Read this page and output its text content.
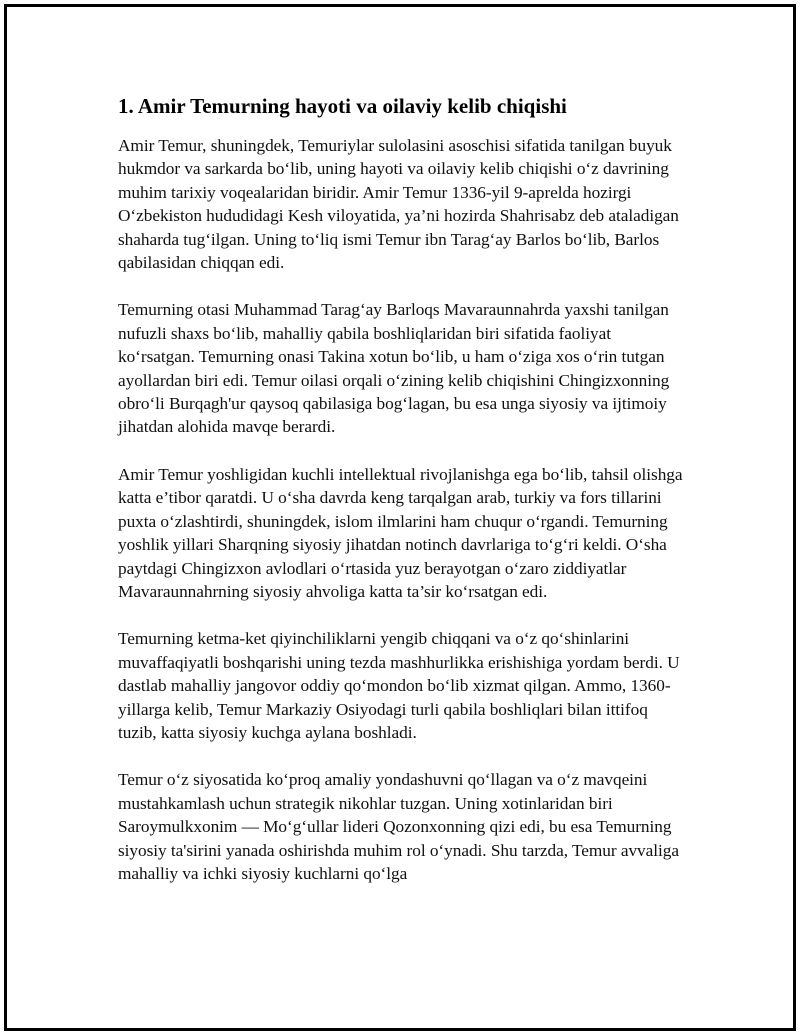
1. Amir Temurning hayoti va oilaviy kelib chiqishi

Amir Temur, shuningdek, Temuriylar sulolasini asoschisi sifatida tanilgan buyuk hukmdor va sarkarda bo‘lib, uning hayoti va oilaviy kelib chiqishi o‘z davrining muhim tarixiy voqealaridan biridir. Amir Temur 1336-yil 9-aprelda hozirgi O‘zbekiston hududidagi Kesh viloyatida, ya’ni hozirda Shahrisabz deb ataladigan shaharda tug‘ilgan. Uning to‘liq ismi Temur ibn Tarag‘ay Barlos bo‘lib, Barlos qabilasidan chiqqan edi.

Temurning otasi Muhammad Tarag‘ay Barloqs Mavaraunnahrda yaxshi tanilgan nufuzli shaxs bo‘lib, mahalliy qabila boshliqlaridan biri sifatida faoliyat ko‘rsatgan. Temurning onasi Takina xotun bo‘lib, u ham o‘ziga xos o‘rin tutgan ayollardan biri edi. Temur oilasi orqali o‘zining kelib chiqishini Chingizxonning obro‘li Burqagh'ur qaysoq qabilasiga bog‘lagan, bu esa unga siyosiy va ijtimoiy jihatdan alohida mavqe berardi.

Amir Temur yoshligidan kuchli intellektual rivojlanishga ega bo‘lib, tahsil olishga katta e’tibor qaratdi. U o‘sha davrda keng tarqalgan arab, turkiy va fors tillarini puxta o‘zlashtirdi, shuningdek, islom ilmlarini ham chuqur o‘rgandi. Temurning yoshlik yillari Sharqning siyosiy jihatdan notinch davrlariga to‘g‘ri keldi. O‘sha paytdagi Chingizxon avlodlari o‘rtasida yuz berayotgan o‘zaro ziddiyatlar Mavaraunnahrning siyosiy ahvoliga katta ta’sir ko‘rsatgan edi.

Temurning ketma-ket qiyinchiliklarni yengib chiqqani va o‘z qo‘shinlarini muvaffaqiyatli boshqarishi uning tezda mashhurlikka erishishiga yordam berdi. U dastlab mahalliy jangovor oddiy qo‘mondon bo‘lib xizmat qilgan. Ammo, 1360-yillarga kelib, Temur Markaziy Osiyodagi turli qabila boshliqlari bilan ittifoq tuzib, katta siyosiy kuchga aylana boshladi.

Temur o‘z siyosatida ko‘proq amaliy yondashuvni qo‘llagan va o‘z mavqeini mustahkamlash uchun strategik nikohlar tuzgan. Uning xotinlaridan biri Saroymulkxonim — Mo‘g‘ullar lideri Qozonxonning qizi edi, bu esa Temurning siyosiy ta'sirini yanada oshirishda muhim rol o‘ynadi. Shu tarzda, Temur avvaliga mahalliy va ichki siyosiy kuchlarni qo‘lga
